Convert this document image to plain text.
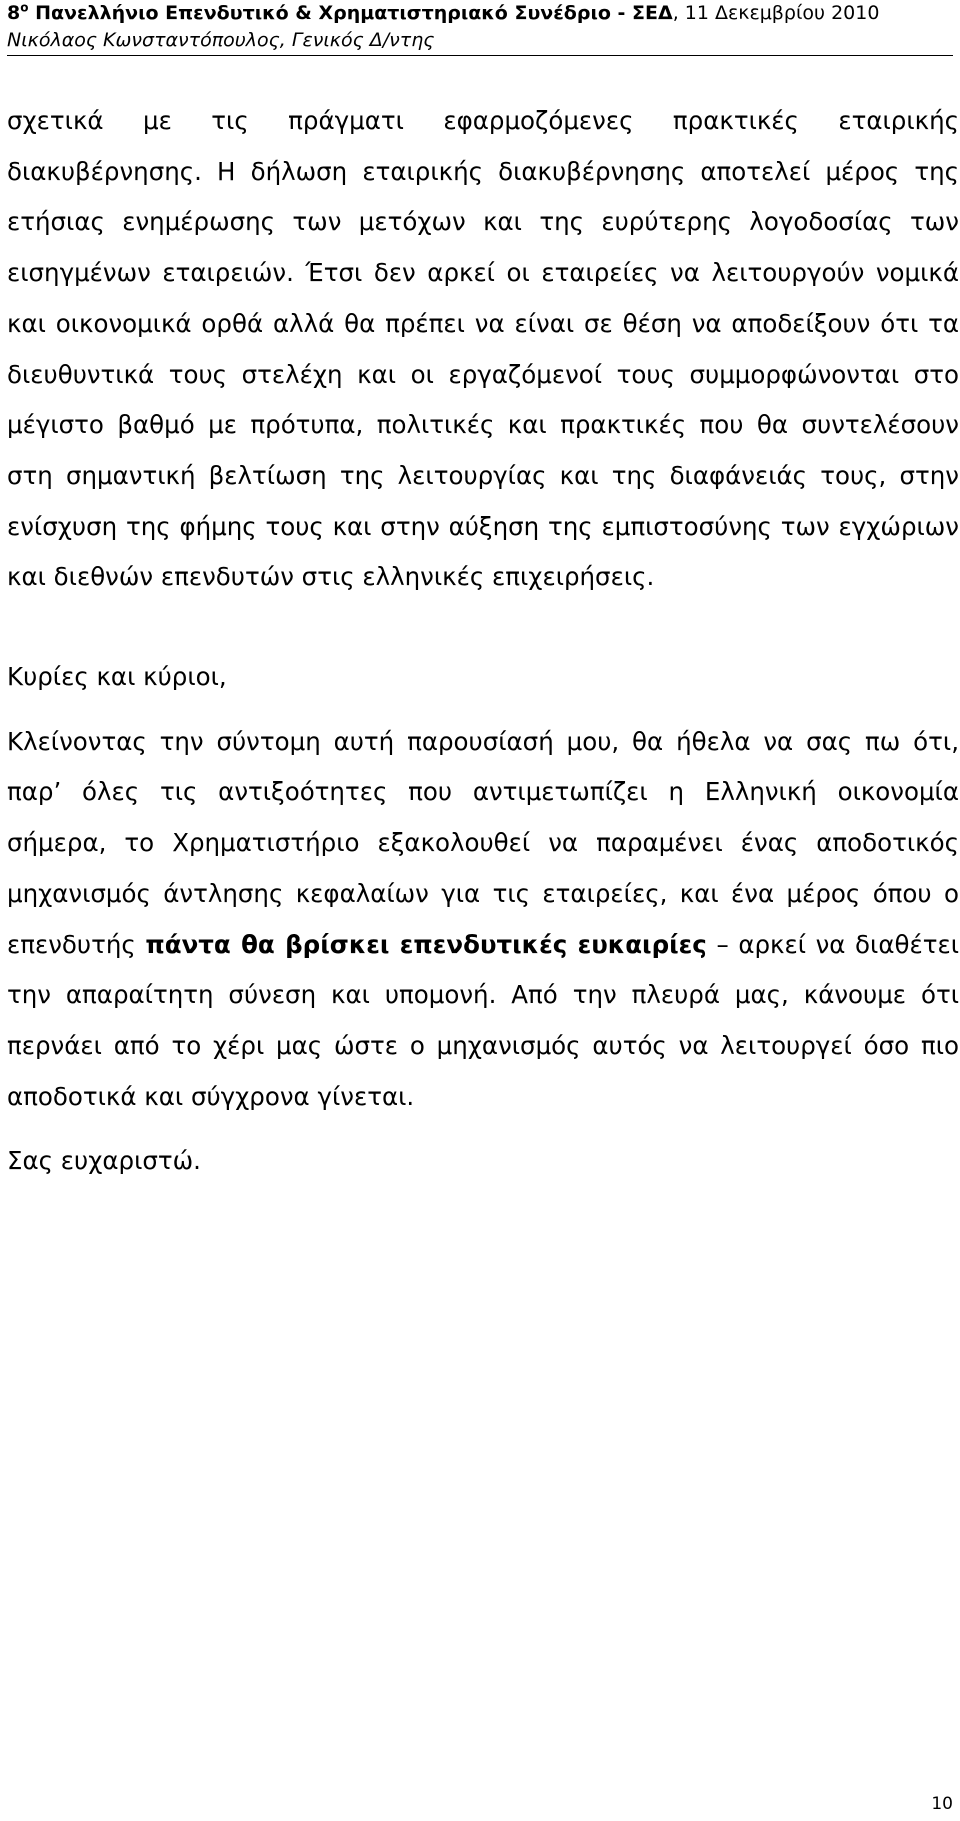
$8^o$ Πανελλήνιο Επενδυτικό & Χρηματιστηριακό Συνέδριο - ΣΕΔ, 11 Δεκεμβρίου 2010
Νικόλαος Κωνσταντόπουλος, Γενικός Δ/ντης

σχετικά με τις πράγματι εφαρμοζόμενες πρακτικές εταιρικής διακυβέρνησης. Η δήλωση εταιρικής διακυβέρνησης αποτελεί μέρος της ετήσιας ενημέρωσης των μετόχων και της ευρύτερης λογοδοσίας των εισηγμένων εταιρειών. Έτσι δεν αρκεί οι εταιρείες να λειτουργούν νομικά και οικονομικά ορθά αλλά θα πρέπει να είναι σε θέση να αποδείξουν ότι τα διευθυντικά τους στελέχη και οι εργαζόμενοί τους συμμορφώνονται στο μέγιστο βαθμό με πρότυπα, πολιτικές και πρακτικές που θα συντελέσουν στη σημαντική βελτίωση της λειτουργίας και της διαφάνειάς τους, στην ενίσχυση της φήμης τους και στην αύξηση της εμπιστοσύνης των εγχώριων και διεθνών επενδυτών στις ελληνικές επιχειρήσεις.

Κυρίες και κύριοι,

Κλείνοντας την σύντομη αυτή παρουσίασή μου, θα ήθελα να σας πω ότι, παρ’ όλες τις αντιξοότητες που αντιμετωπίζει η Ελληνική οικονομία σήμερα, το Χρηματιστήριο εξακολουθεί να παραμένει ένας αποδοτικός μηχανισμός άντλησης κεφαλαίων για τις εταιρείες, και ένα μέρος όπου ο επενδυτής πάντα θα βρίσκει επενδυτικές ευκαιρίες – αρκεί να διαθέτει την απαραίτητη σύνεση και υπομονή. Από την πλευρά μας, κάνουμε ότι περνάει από το χέρι μας ώστε ο μηχανισμός αυτός να λειτουργεί όσο πιο αποδοτικά και σύγχρονα γίνεται.

Σας ευχαριστώ.

10
